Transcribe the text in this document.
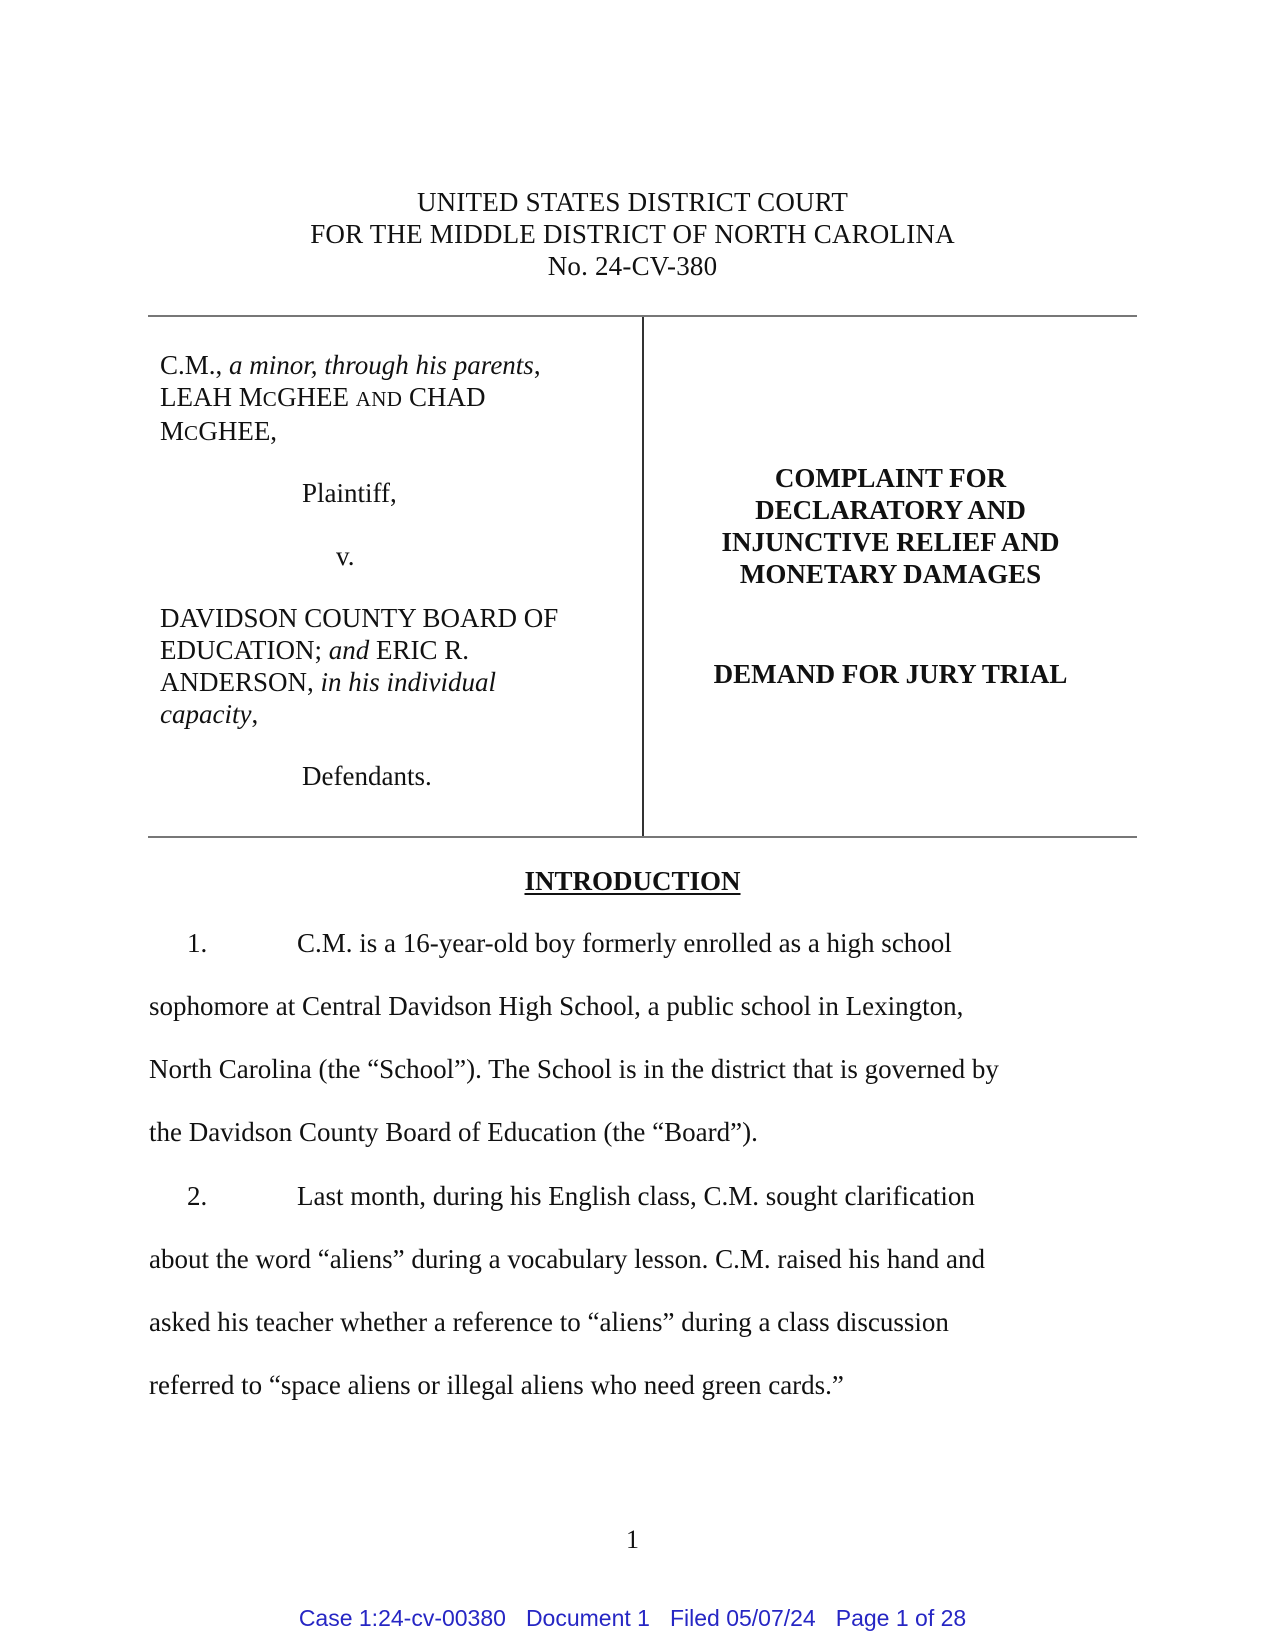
UNITED STATES DISTRICT COURT
FOR THE MIDDLE DISTRICT OF NORTH CAROLINA
No. 24-CV-380
C.M., a minor, through his parents,
LEAH MCGHEE AND CHAD
MCGHEE,
Plaintiff,
v.
DAVIDSON COUNTY BOARD OF
EDUCATION; and ERIC R.
ANDERSON, in his individual
capacity,
Defendants.
COMPLAINT FOR
DECLARATORY AND
INJUNCTIVE RELIEF AND
MONETARY DAMAGES
DEMAND FOR JURY TRIAL
INTRODUCTION
1.	C.M. is a 16-year-old boy formerly enrolled as a high school
sophomore at Central Davidson High School, a public school in Lexington,
North Carolina (the “School”). The School is in the district that is governed by
the Davidson County Board of Education (the “Board”).
2.	Last month, during his English class, C.M. sought clarification
about the word “aliens” during a vocabulary lesson. C.M. raised his hand and
asked his teacher whether a reference to “aliens” during a class discussion
referred to “space aliens or illegal aliens who need green cards.”
1
Case 1:24-cv-00380 Document 1 Filed 05/07/24 Page 1 of 28
